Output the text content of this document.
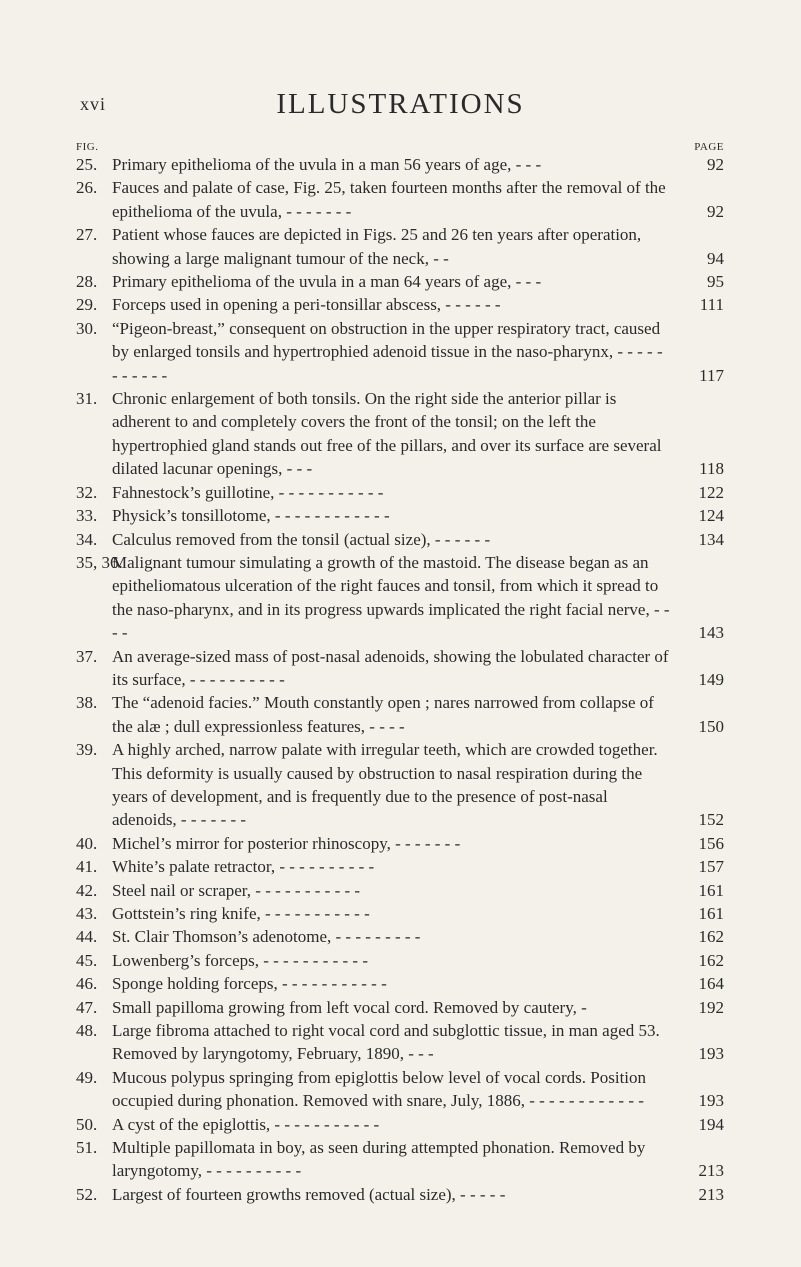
xvi	ILLUSTRATIONS
FIG.	PAGE
25. Primary epithelioma of the uvula in a man 56 years of age, - - -	92
26. Fauces and palate of case, Fig. 25, taken fourteen months after the removal of the epithelioma of the uvula, - - - - - - -	92
27. Patient whose fauces are depicted in Figs. 25 and 26 ten years after operation, showing a large malignant tumour of the neck, - -	94
28. Primary epithelioma of the uvula in a man 64 years of age, - - -	95
29. Forceps used in opening a peri-tonsillar abscess, - - - - - -	111
30. “Pigeon-breast,” consequent on obstruction in the upper respiratory tract, caused by enlarged tonsils and hypertrophied adenoid tissue in the naso-pharynx, - - - - - - - - - - -	117
31. Chronic enlargement of both tonsils. On the right side the anterior pillar is adherent to and completely covers the front of the tonsil; on the left the hypertrophied gland stands out free of the pillars, and over its surface are several dilated lacunar openings, - - -	118
32. Fahnestock’s guillotine, - - - - - - - - - - -	122
33. Physick’s tonsillotome, - - - - - - - - - - - -	124
34. Calculus removed from the tonsil (actual size), - - - - - -	134
35, 36.
Malignant tumour simulating a growth of the mastoid. The disease began as an epitheliomatous ulceration of the right fauces and tonsil, from which it spread to the naso-pharynx, and in its progress upwards implicated the right facial nerve, - - - -	143
37. An average-sized mass of post-nasal adenoids, showing the lobulated character of its surface, - - - - - - - - - -	149
38. The “adenoid facies.” Mouth constantly open ; nares narrowed from collapse of the alæ ; dull expressionless features, - - - -	150
39. A highly arched, narrow palate with irregular teeth, which are crowded together. This deformity is usually caused by obstruction to nasal respiration during the years of development, and is frequently due to the presence of post-nasal adenoids, - - - - - - -	152
40. Michel’s mirror for posterior rhinoscopy, - - - - - - -	156
41. White’s palate retractor, - - - - - - - - - -	157
42. Steel nail or scraper, - - - - - - - - - - -	161
43. Gottstein’s ring knife, - - - - - - - - - - -	161
44. St. Clair Thomson’s adenotome, - - - - - - - - -	162
45. Lowenberg’s forceps, - - - - - - - - - - -	162
46. Sponge holding forceps, - - - - - - - - - - -	164
47. Small papilloma growing from left vocal cord. Removed by cautery, -	192
48. Large fibroma attached to right vocal cord and subglottic tissue, in man aged 53. Removed by laryngotomy, February, 1890, - - -	193
49. Mucous polypus springing from epiglottis below level of vocal cords. Position occupied during phonation. Removed with snare, July, 1886, - - - - - - - - - - - -	193
50. A cyst of the epiglottis, - - - - - - - - - - -	194
51. Multiple papillomata in boy, as seen during attempted phonation. Removed by laryngotomy, - - - - - - - - - -	213
52. Largest of fourteen growths removed (actual size), - - - - -	213
